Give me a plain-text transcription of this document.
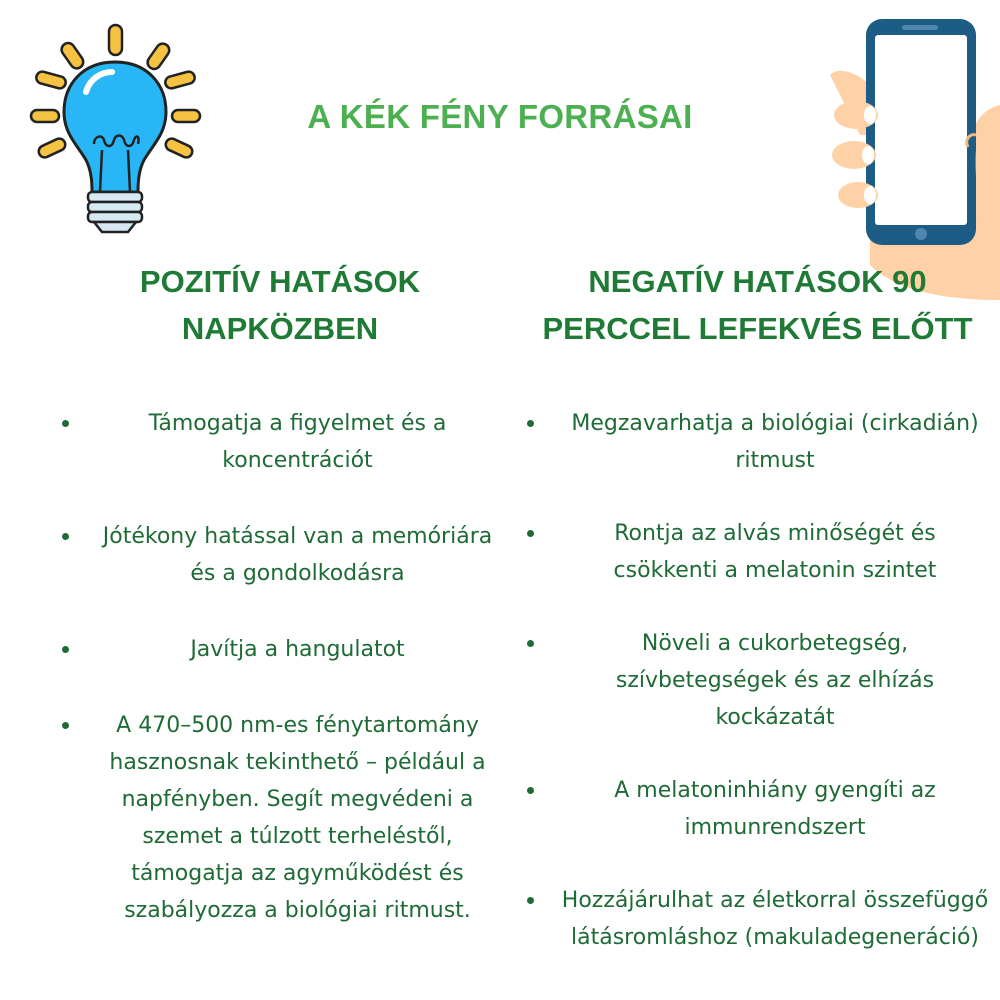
A KÉK FÉNY FORRÁSAI
POZITÍV HATÁSOK
NAPKÖZBEN
Támogatja a figyelmet és a koncentrációt
Jótékony hatással van a memóriára és a gondolkodásra
Javítja a hangulatot
A 470–500 nm-es fénytartomány hasznosnak tekinthető – például a napfényben. Segít megvédeni a szemet a túlzott terheléstől, támogatja az agyműködést és szabályozza a biológiai ritmust.
NEGATÍV HATÁSOK 90
PERCCEL LEFEKVÉS ELŐTT
Megzavarhatja a biológiai (cirkadián) ritmust
Rontja az alvás minőségét és csökkenti a melatonin szintet
Növeli a cukorbetegség, szívbetegségek és az elhízás kockázatát
A melatoninhiány gyengíti az immunrendszert
Hozzájárulhat az életkorral összefüggő látásromláshoz (makuladegeneráció)
